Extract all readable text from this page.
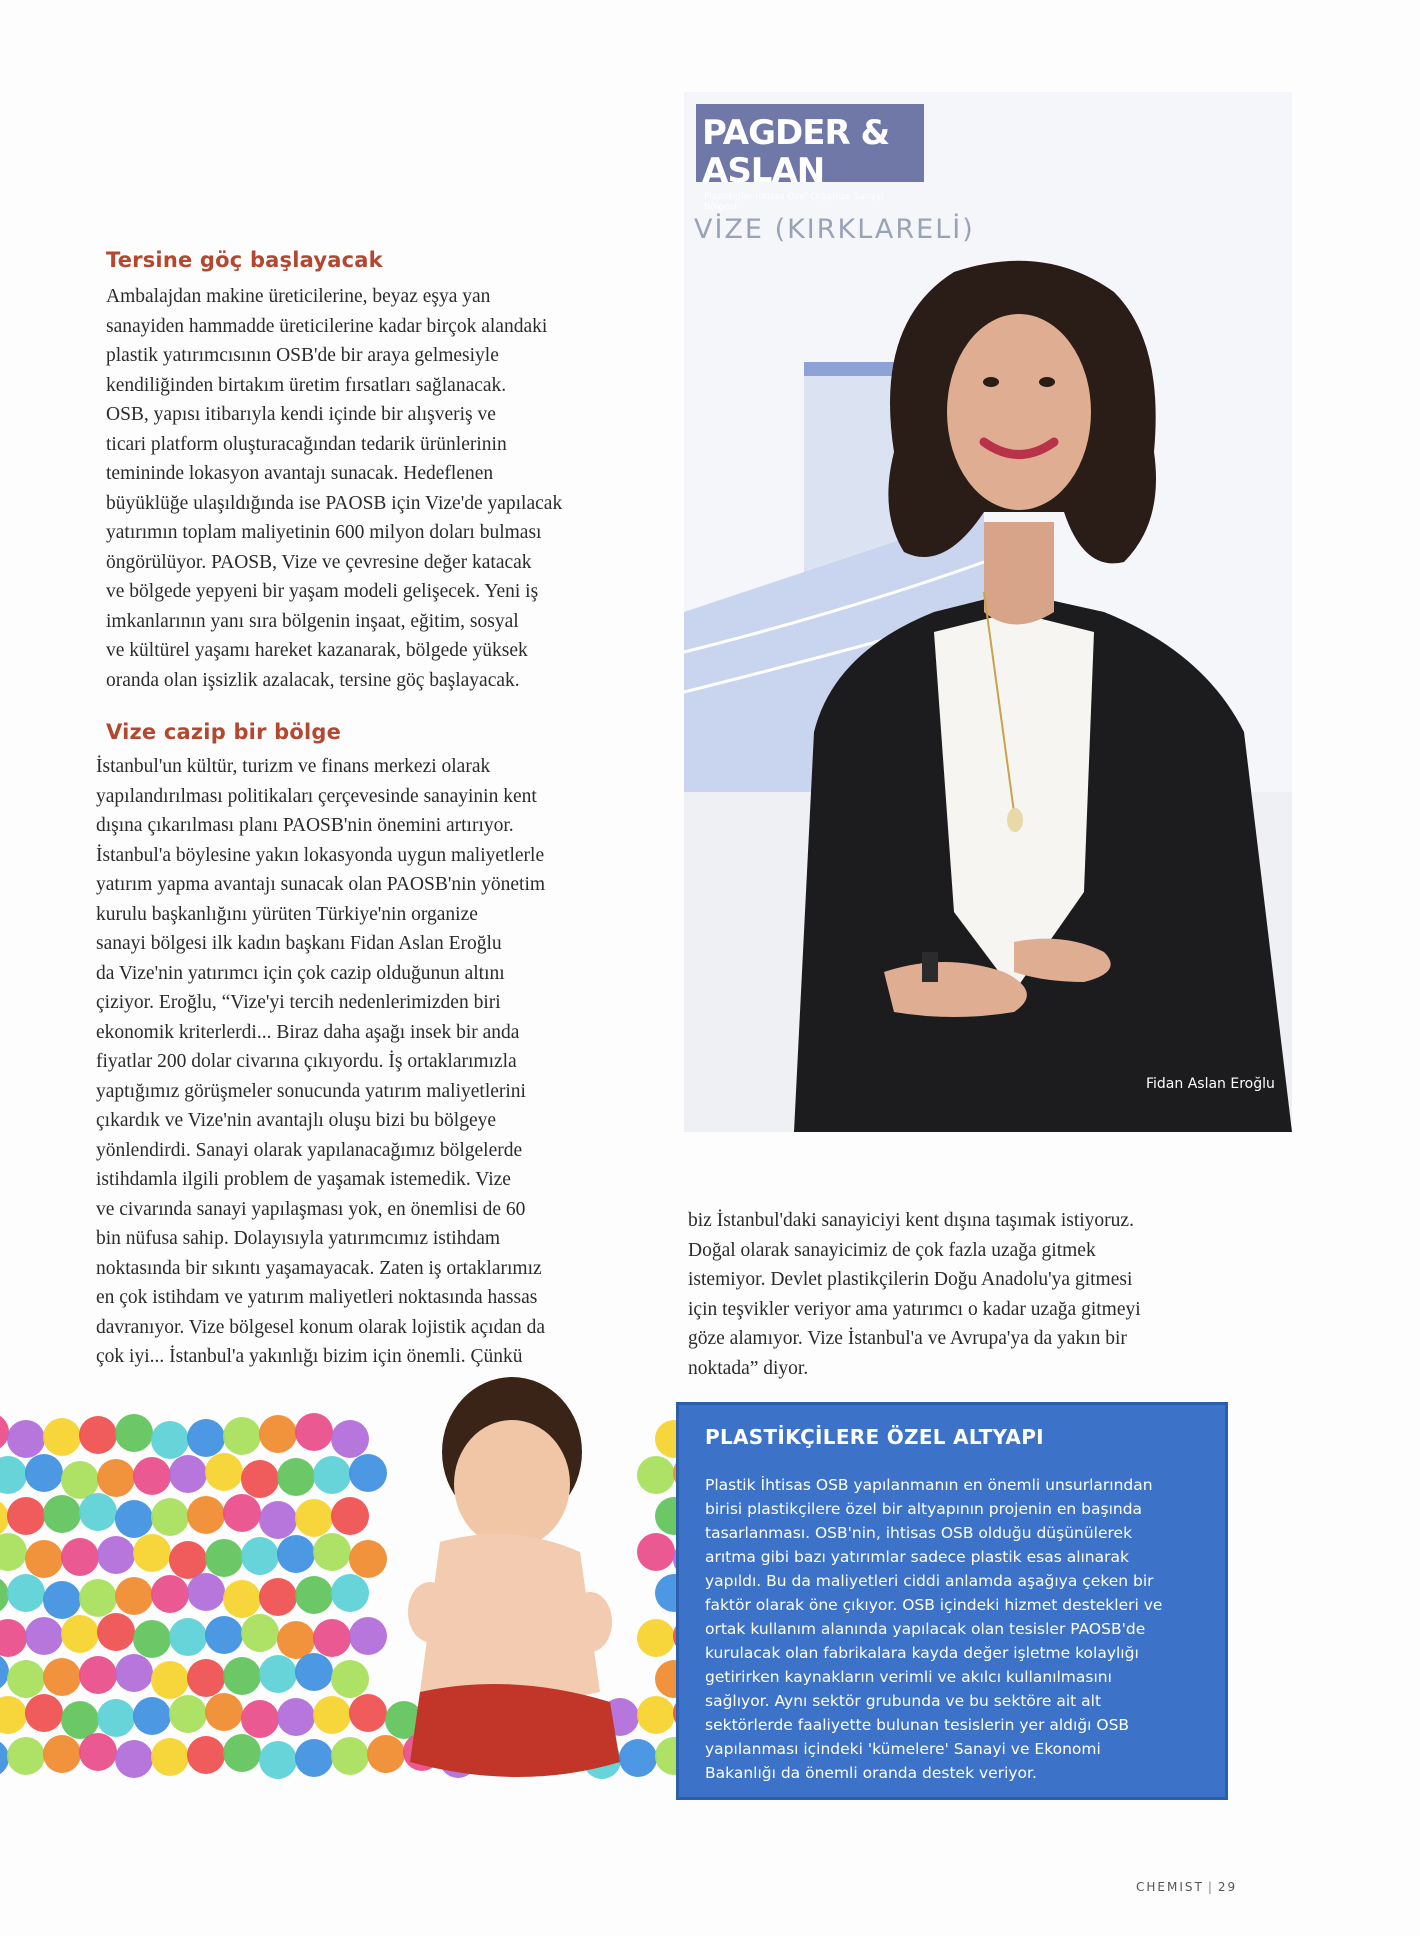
Tersine göç başlayacak
Ambalajdan makine üreticilerine, beyaz eşya yan
sanayiden hammadde üreticilerine kadar birçok alandaki
plastik yatırımcısının OSB'de bir araya gelmesiyle
kendiliğinden birtakım üretim fırsatları sağlanacak.
OSB, yapısı itibarıyla kendi içinde bir alışveriş ve
ticari platform oluşturacağından tedarik ürünlerinin
temininde lokasyon avantajı sunacak. Hedeflenen
büyüklüğe ulaşıldığında ise PAOSB için Vize'de yapılacak
yatırımın toplam maliyetinin 600 milyon doları bulması
öngörülüyor. PAOSB, Vize ve çevresine değer katacak
ve bölgede yepyeni bir yaşam modeli gelişecek. Yeni iş
imkanlarının yanı sıra bölgenin inşaat, eğitim, sosyal
ve kültürel yaşamı hareket kazanarak, bölgede yüksek
oranda olan işsizlik azalacak, tersine göç başlayacak.
Vize cazip bir bölge
İstanbul'un kültür, turizm ve finans merkezi olarak
yapılandırılması politikaları çerçevesinde sanayinin kent
dışına çıkarılması planı PAOSB'nin önemini artırıyor.
İstanbul'a böylesine yakın lokasyonda uygun maliyetlerle
yatırım yapma avantajı sunacak olan PAOSB'nin yönetim
kurulu başkanlığını yürüten Türkiye'nin organize
sanayi bölgesi ilk kadın başkanı Fidan Aslan Eroğlu
da Vize'nin yatırımcı için çok cazip olduğunun altını
çiziyor. Eroğlu, “Vize'yi tercih nedenlerimizden biri
ekonomik kriterlerdi... Biraz daha aşağı insek bir anda
fiyatlar 200 dolar civarına çıkıyordu. İş ortaklarımızla
yaptığımız görüşmeler sonucunda yatırım maliyetlerini
çıkardık ve Vize'nin avantajlı oluşu bizi bu bölgeye
yönlendirdi. Sanayi olarak yapılanacağımız bölgelerde
istihdamla ilgili problem de yaşamak istemedik. Vize
ve civarında sanayi yapılaşması yok, en önemlisi de 60
bin nüfusa sahip. Dolayısıyla yatırımcımız istihdam
noktasında bir sıkıntı yaşamayacak. Zaten iş ortaklarımız
en çok istihdam ve yatırım maliyetleri noktasında hassas
davranıyor. Vize bölgesel konum olarak lojistik açıdan da
çok iyi... İstanbul'a yakınlığı bizim için önemli. Çünkü
biz İstanbul'daki sanayiciyi kent dışına taşımak istiyoruz.
Doğal olarak sanayicimiz de çok fazla uzağa gitmek
istemiyor. Devlet plastikçilerin Doğu Anadolu'ya gitmesi
için teşvikler veriyor ama yatırımcı o kadar uzağa gitmeyi
göze alamıyor. Vize İstanbul'a ve Avrupa'ya da yakın bir
noktada” diyor.
PAGDER & ASLAN
Plastikçiler İhtisas Özel Organize Sanayi Bölgesi
VİZE (KIRKLARELİ)
Fidan Aslan Eroğlu
PLASTİKÇİLERE ÖZEL ALTYAPI
Plastik İhtisas OSB yapılanmanın en önemli unsurlarından
birisi plastikçilere özel bir altyapının projenin en başında
tasarlanması. OSB'nin, ihtisas OSB olduğu düşünülerek
arıtma gibi bazı yatırımlar sadece plastik esas alınarak
yapıldı. Bu da maliyetleri ciddi anlamda aşağıya çeken bir
faktör olarak öne çıkıyor. OSB içindeki hizmet destekleri ve
ortak kullanım alanında yapılacak olan tesisler PAOSB'de
kurulacak olan fabrikalara kayda değer işletme kolaylığı
getirirken kaynakların verimli ve akılcı kullanılmasını
sağlıyor. Aynı sektör grubunda ve bu sektöre ait alt
sektörlerde faaliyette bulunan tesislerin yer aldığı OSB
yapılanması içindeki 'kümelere' Sanayi ve Ekonomi
Bakanlığı da önemli oranda destek veriyor.
CHEMIST | 29
